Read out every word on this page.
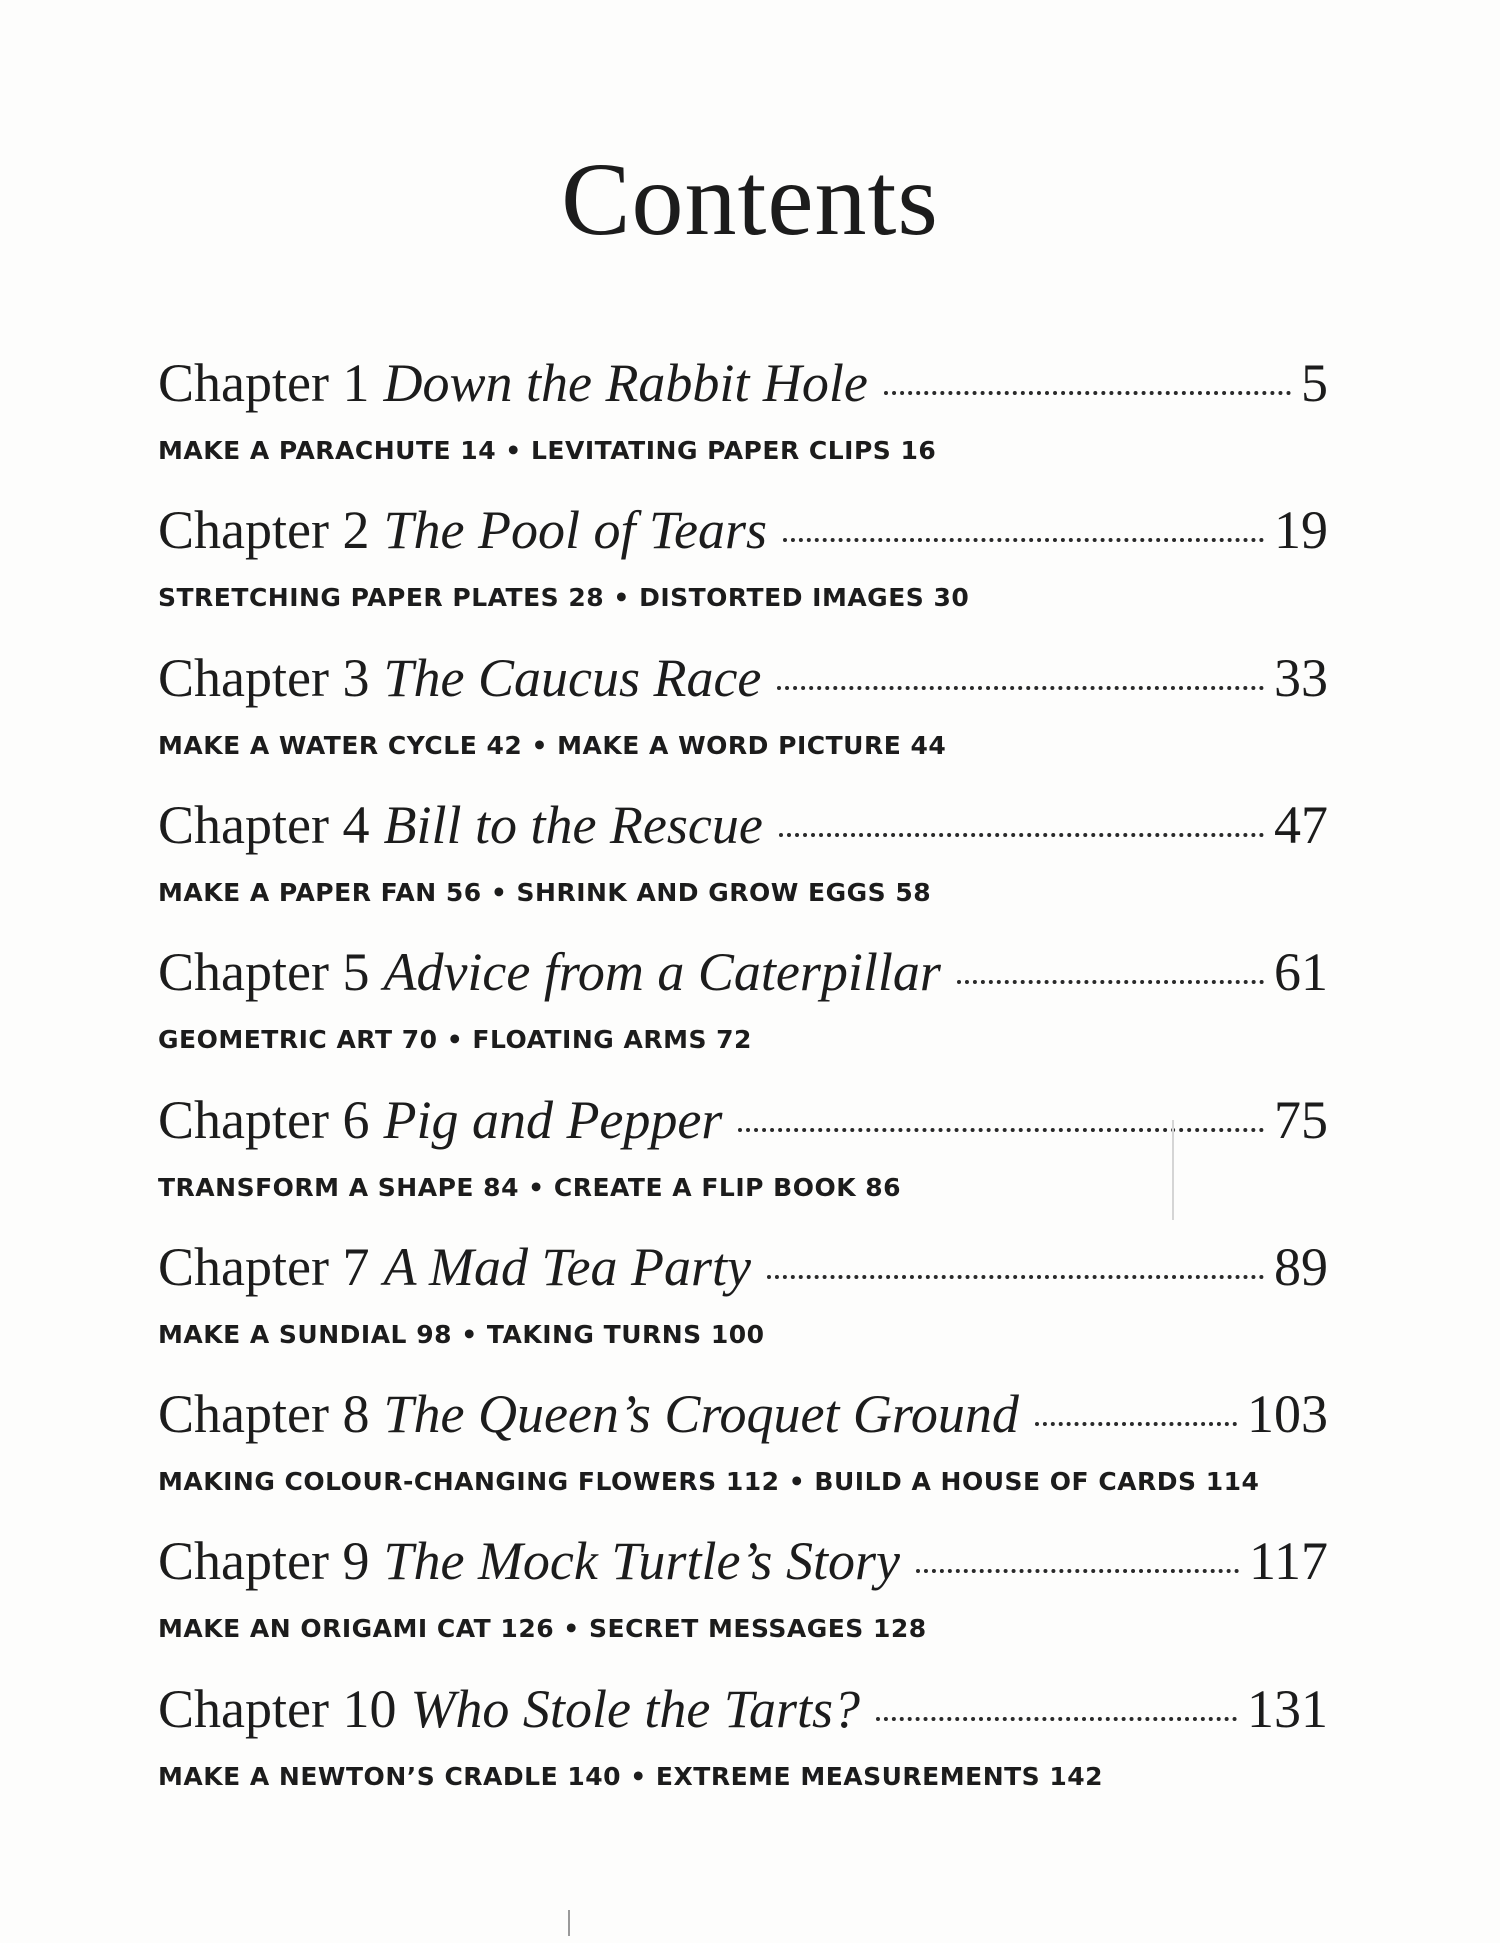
Contents
Chapter 1 Down the Rabbit Hole	5
MAKE A PARACHUTE 14 • LEVITATING PAPER CLIPS 16
Chapter 2 The Pool of Tears	19
STRETCHING PAPER PLATES 28 • DISTORTED IMAGES 30
Chapter 3 The Caucus Race	33
MAKE A WATER CYCLE 42 • MAKE A WORD PICTURE 44
Chapter 4 Bill to the Rescue	47
MAKE A PAPER FAN 56 • SHRINK AND GROW EGGS 58
Chapter 5 Advice from a Caterpillar	61
GEOMETRIC ART 70 • FLOATING ARMS 72
Chapter 6 Pig and Pepper	75
TRANSFORM A SHAPE 84 • CREATE A FLIP BOOK 86
Chapter 7 A Mad Tea Party	89
MAKE A SUNDIAL 98 • TAKING TURNS 100
Chapter 8 The Queen’s Croquet Ground	103
MAKING COLOUR-CHANGING FLOWERS 112 • BUILD A HOUSE OF CARDS 114
Chapter 9 The Mock Turtle’s Story	117
MAKE AN ORIGAMI CAT 126 • SECRET MESSAGES 128
Chapter 10 Who Stole the Tarts?	131
MAKE A NEWTON’S CRADLE 140 • EXTREME MEASUREMENTS 142
